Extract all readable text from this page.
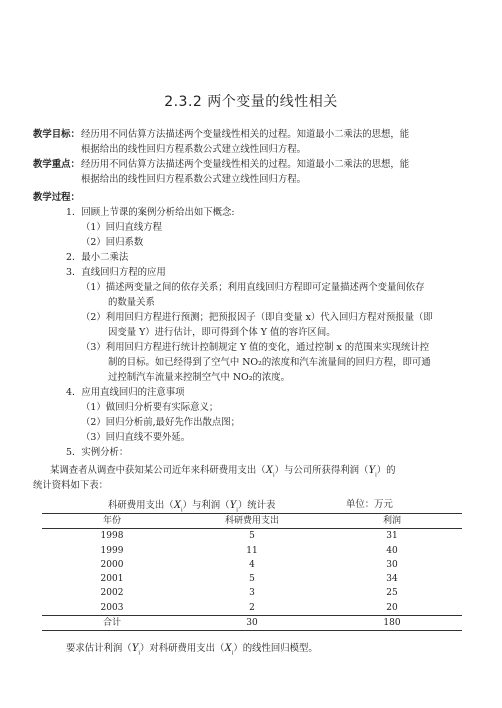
2.3.2 两个变量的线性相关
教学目标： 经历用不同估算方法描述两个变量线性相关的过程。知道最小二乘法的思想，能
根据给出的线性回归方程系数公式建立线性回归方程。
教学重点： 经历用不同估算方法描述两个变量线性相关的过程。知道最小二乘法的思想，能
根据给出的线性回归方程系数公式建立线性回归方程。
教学过程：
1．回顾上节课的案例分析给出如下概念:
（1）回归直线方程
（2）回归系数
2．最小二乘法
3．直线回归方程的应用
（1）描述两变量之间的依存关系；利用直线回归方程即可定量描述两个变量间依存
的数量关系
（2）利用回归方程进行预测；把预报因子（即自变量 x）代入回归方程对预报量（即
因变量 Y）进行估计，即可得到个体 Y 值的容许区间。
（3）利用回归方程进行统计控制规定 Y 值的变化，通过控制 x 的范围来实现统计控
制的目标。如已经得到了空气中 NO₂的浓度和汽车流量间的回归方程，即可通
过控制汽车流量来控制空气中 NO₂的浓度。
4．应用直线回归的注意事项
（1）做回归分析要有实际意义；
（2）回归分析前,最好先作出散点图；
（3）回归直线不要外延。
5．实例分析：
某调查者从调查中获知某公司近年来科研费用支出$(X_i)$与公司所获得利润$(Y_i)$的
统计资料如下表：
科研费用支出$(X_i)$与利润$(Y_i)$统计表	单位：万元
年份	科研费用支出	利润
1998	5	31
1999	11	40
2000	4	30
2001	5	34
2002	3	25
2003	2	20
合计	30	180
要求估计利润$(Y_i)$对科研费用支出$(X_i)$的线性回归模型。
